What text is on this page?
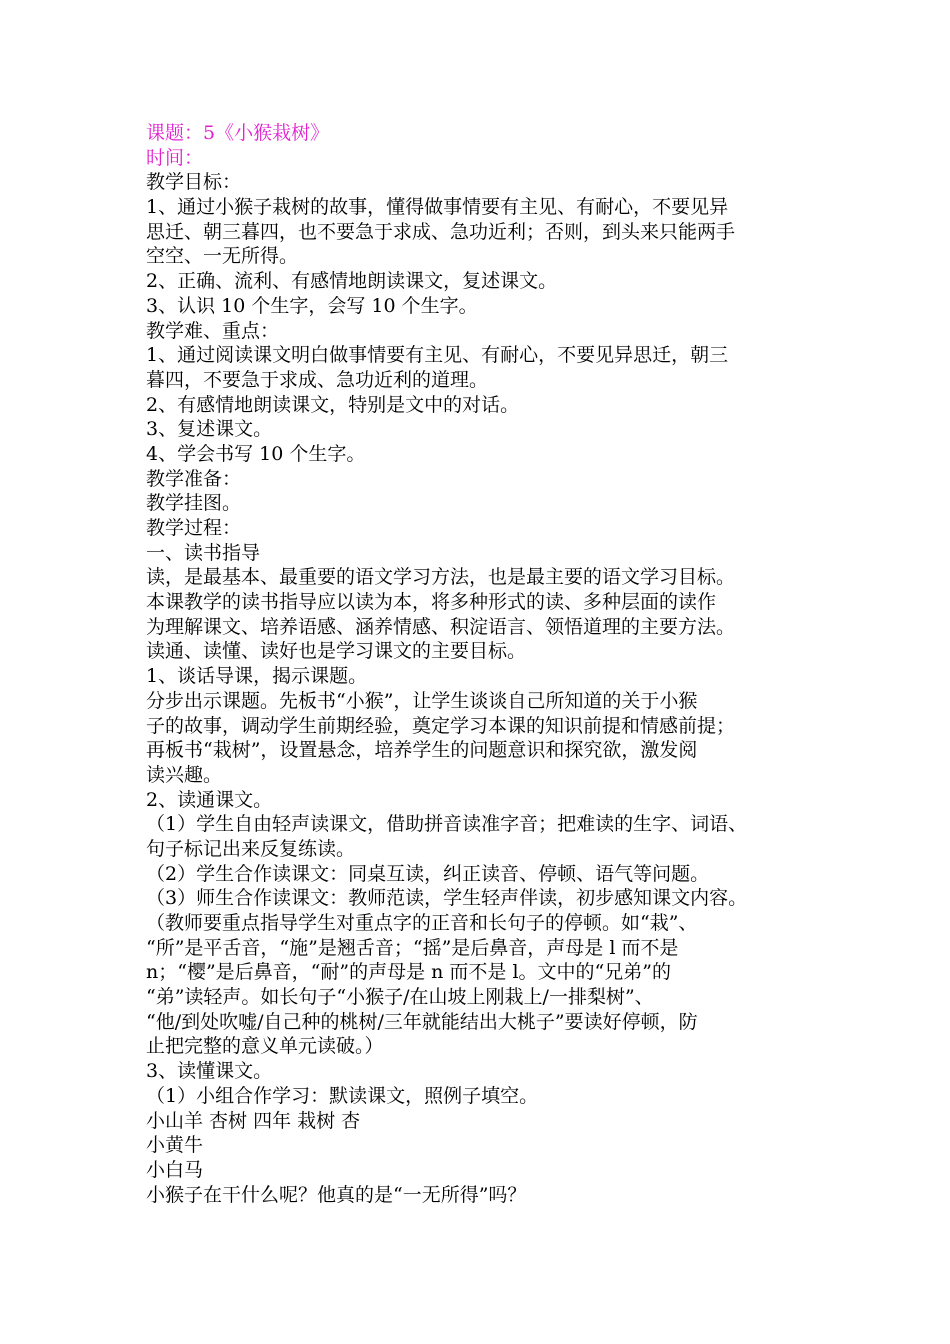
课题：5《小猴栽树》
时间：
教学目标：
1、通过小猴子栽树的故事，懂得做事情要有主见、有耐心，不要见异
思迁、朝三暮四，也不要急于求成、急功近利；否则，到头来只能两手
空空、一无所得。
2、正确、流利、有感情地朗读课文，复述课文。
3、认识 10 个生字，会写 10 个生字。
教学难、重点：
1、通过阅读课文明白做事情要有主见、有耐心，不要见异思迁，朝三
暮四，不要急于求成、急功近利的道理。
2、有感情地朗读课文，特别是文中的对话。
3、复述课文。
4、学会书写 10 个生字。
教学准备：
教学挂图。
教学过程：
一、读书指导
读，是最基本、最重要的语文学习方法，也是最主要的语文学习目标。
本课教学的读书指导应以读为本，将多种形式的读、多种层面的读作
为理解课文、培养语感、涵养情感、积淀语言、领悟道理的主要方法。
读通、读懂、读好也是学习课文的主要目标。
1、谈话导课，揭示课题。
分步出示课题。先板书“小猴”，让学生谈谈自己所知道的关于小猴
子的故事，调动学生前期经验，奠定学习本课的知识前提和情感前提；
再板书“栽树”，设置悬念，培养学生的问题意识和探究欲，激发阅
读兴趣。
2、读通课文。
（1）学生自由轻声读课文，借助拼音读准字音；把难读的生字、词语、
句子标记出来反复练读。
（2）学生合作读课文：同桌互读，纠正读音、停顿、语气等问题。
（3）师生合作读课文：教师范读，学生轻声伴读，初步感知课文内容。
（教师要重点指导学生对重点字的正音和长句子的停顿。如“栽”、
“所”是平舌音，“施”是翘舌音；“摇”是后鼻音，声母是 l 而不是
n；“樱”是后鼻音，“耐”的声母是 n 而不是 l。文中的“兄弟”的
“弟”读轻声。如长句子“小猴子/在山坡上刚栽上/一排梨树”、
“他/到处吹嘘/自己种的桃树/三年就能结出大桃子”要读好停顿，防
止把完整的意义单元读破。）
3、读懂课文。
（1）小组合作学习：默读课文，照例子填空。
小山羊 杏树 四年 栽树 杏
小黄牛
小白马
小猴子在干什么呢？他真的是“一无所得”吗？
